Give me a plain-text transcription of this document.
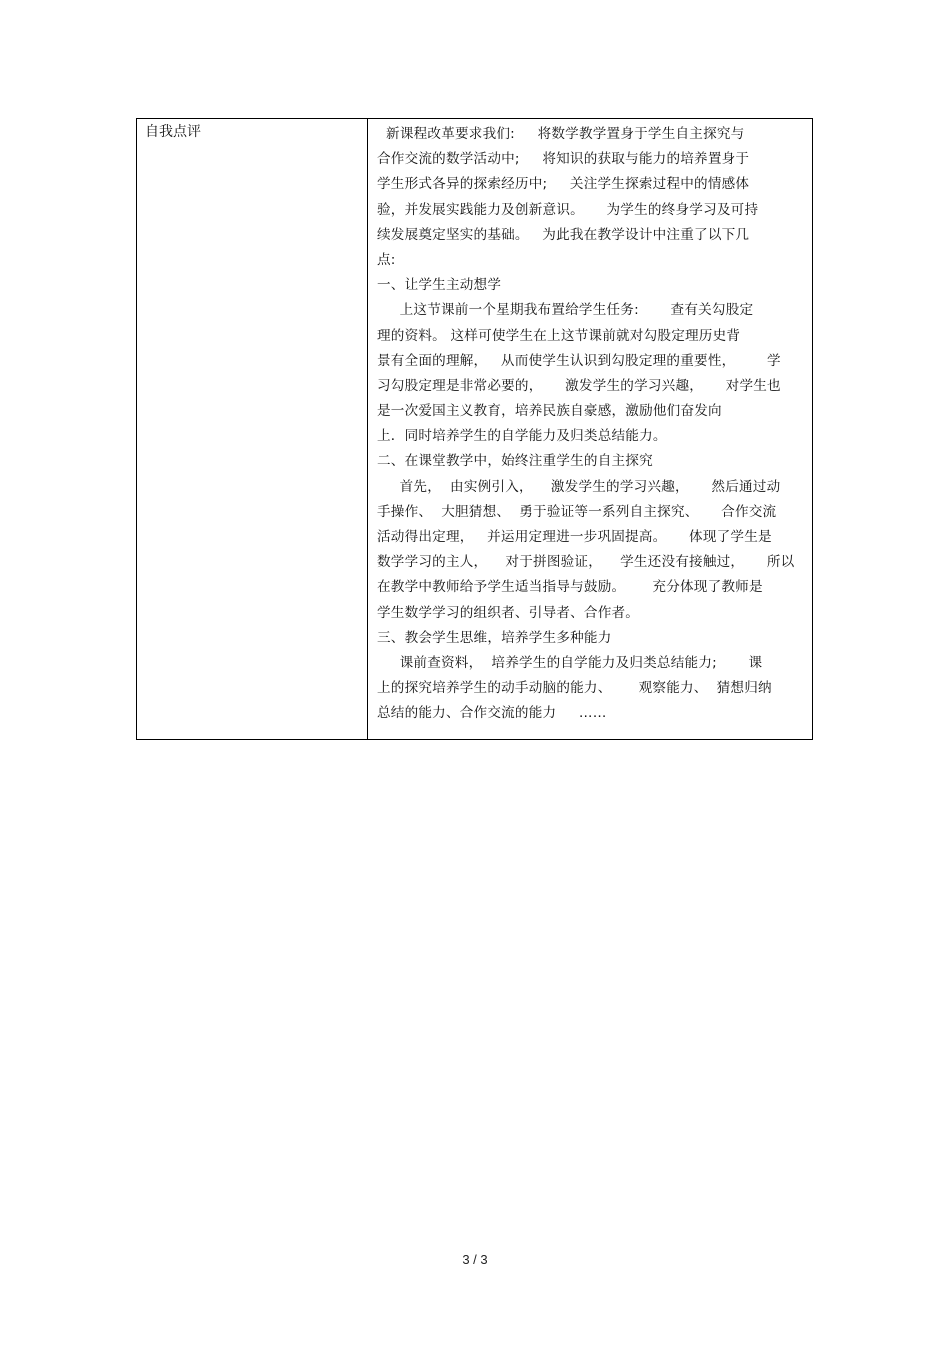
自我点评	新课程改革要求我们:     将数学教学置身于学生自主探究与
合作交流的数学活动中;     将知识的获取与能力的培养置身于
学生形式各异的探索经历中;     关注学生探索过程中的情感体
验，并发展实践能力及创新意识。     为学生的终身学习及可持
续发展奠定坚实的基础。   为此我在教学设计中注重了以下几
点:
一、让学生主动想学
上这节课前一个星期我布置给学生任务:       查有关勾股定
理的资料。 这样可使学生在上这节课前就对勾股定理历史背
景有全面的理解，   从而使学生认识到勾股定理的重要性，       学
习勾股定理是非常必要的，     激发学生的学习兴趣，     对学生也
是一次爱国主义教育，培养民族自豪感，激励他们奋发向
上．同时培养学生的自学能力及归类总结能力。
二、在课堂教学中，始终注重学生的自主探究
首先，  由实例引入，    激发学生的学习兴趣，     然后通过动
手操作、  大胆猜想、  勇于验证等一系列自主探究、     合作交流
活动得出定理，   并运用定理进一步巩固提高。     体现了学生是
数学学习的主人，    对于拼图验证，    学生还没有接触过，     所以
在教学中教师给予学生适当指导与鼓励。      充分体现了教师是
学生数学学习的组织者、引导者、合作者。
三、教会学生思维，培养学生多种能力
课前查资料，  培养学生的自学能力及归类总结能力;       课
上的探究培养学生的动手动脑的能力、      观察能力、  猜想归纳
总结的能力、合作交流的能力     ……
3 / 3
